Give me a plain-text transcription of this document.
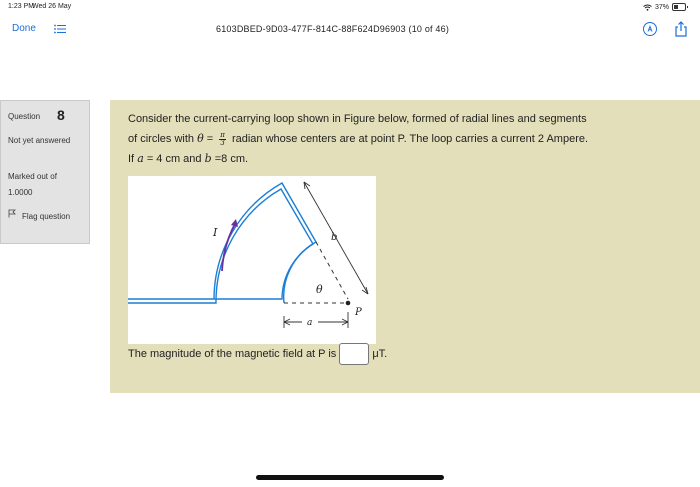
1:23 PM
Wed 26 May	37%
Done	6103DBED-9D03-477F-814C-88F624D96903 (10 of 46)
Question 8
Not yet answered
Marked out of
1.0000
Flag question
Consider the current-carrying loop shown in Figure below, formed of radial lines and segments
of circles with $\theta = \frac{\pi}{3}$ radian whose centers are at point P. The loop carries a current 2 Ampere.
If a = 4 cm and b =8 cm.
I	b
θ
P
a
The magnitude of the magnetic field at P is	μT.
